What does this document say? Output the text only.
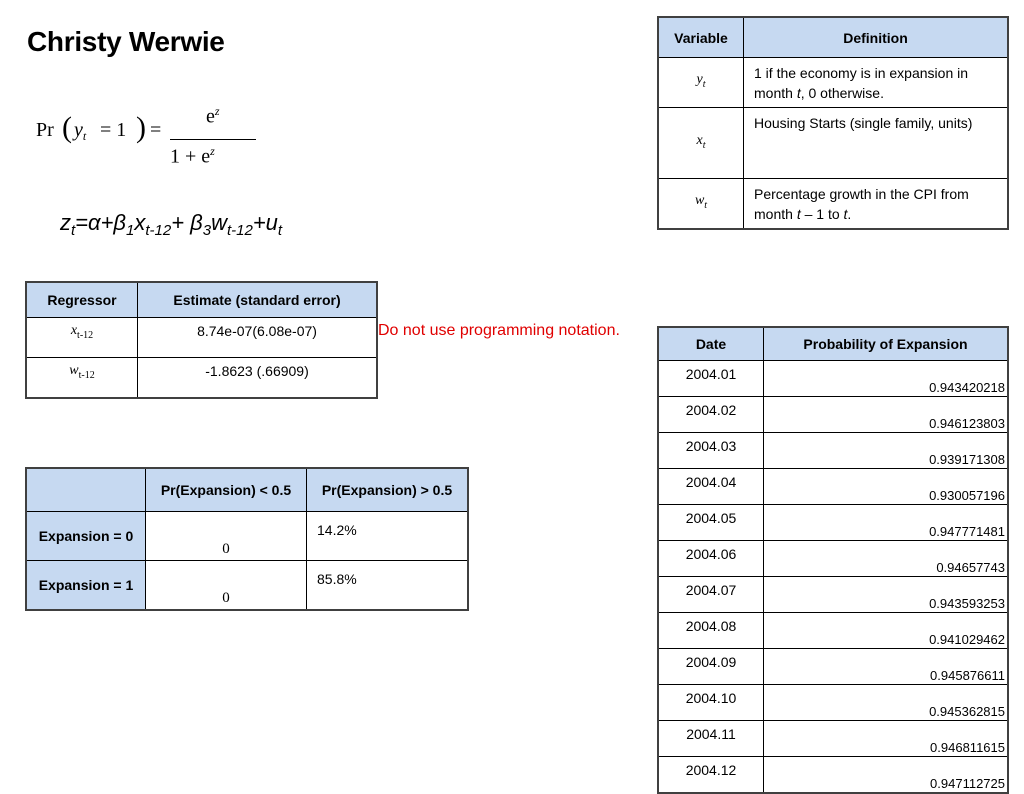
Christy Werwie
Pr ( $y_t = 1$ ) =
$e^z$
$1 + e^z$
$z_t=\alpha+\beta_1x_{t-12}+ \beta_3w_{t-12}+u_t$
Regressor	Estimate (standard error)
$x_{t-12}$	8.74e-07(6.08e-07)
$w_{t-12}$	-1.8623 (.66909)
Do not use programming notation.
Variable	Definition
$y_t$	1 if the economy is in expansion in month t, 0 otherwise.
$x_t$	Housing Starts (single family, units)
$w_t$	Percentage growth in the CPI from month t – 1 to t.
	Pr(Expansion) < 0.5	Pr(Expansion) > 0.5
Expansion = 0	0	14.2%
Expansion = 1	0	85.8%
Date	Probability of Expansion
2004.01	0.943420218
2004.02	0.946123803
2004.03	0.939171308
2004.04	0.930057196
2004.05	0.947771481
2004.06	0.94657743
2004.07	0.943593253
2004.08	0.941029462
2004.09	0.945876611
2004.10	0.945362815
2004.11	0.946811615
2004.12	0.947112725
